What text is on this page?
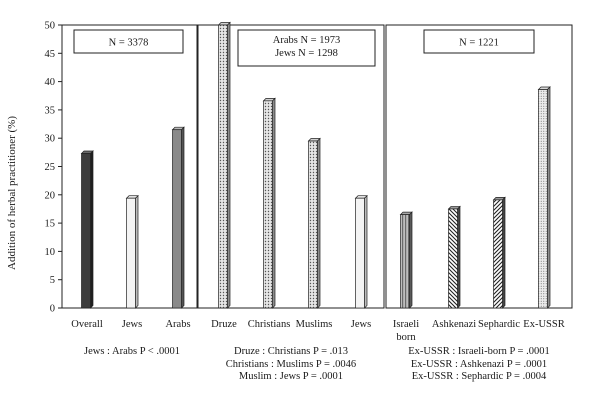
Addition of herbal practitioner (%)
0
5
10
15
20
25
30
35
40
45
50
N = 3378
Overall Jews Arabs
Arabs N = 1973
Jews N = 1298
Druze Christians Muslims Jews
N = 1221
Israeli
born
Ashkenazi Sephardic Ex-USSR
Jews : Arabs P < .0001	Druze : Christians P = .013
Christians : Muslims P = .0046
Muslim : Jews P = .0001
Ex-USSR : Israeli-born P = .0001
Ex-USSR : Ashkenazi P = .0001
Ex-USSR : Sephardic P = .0004
